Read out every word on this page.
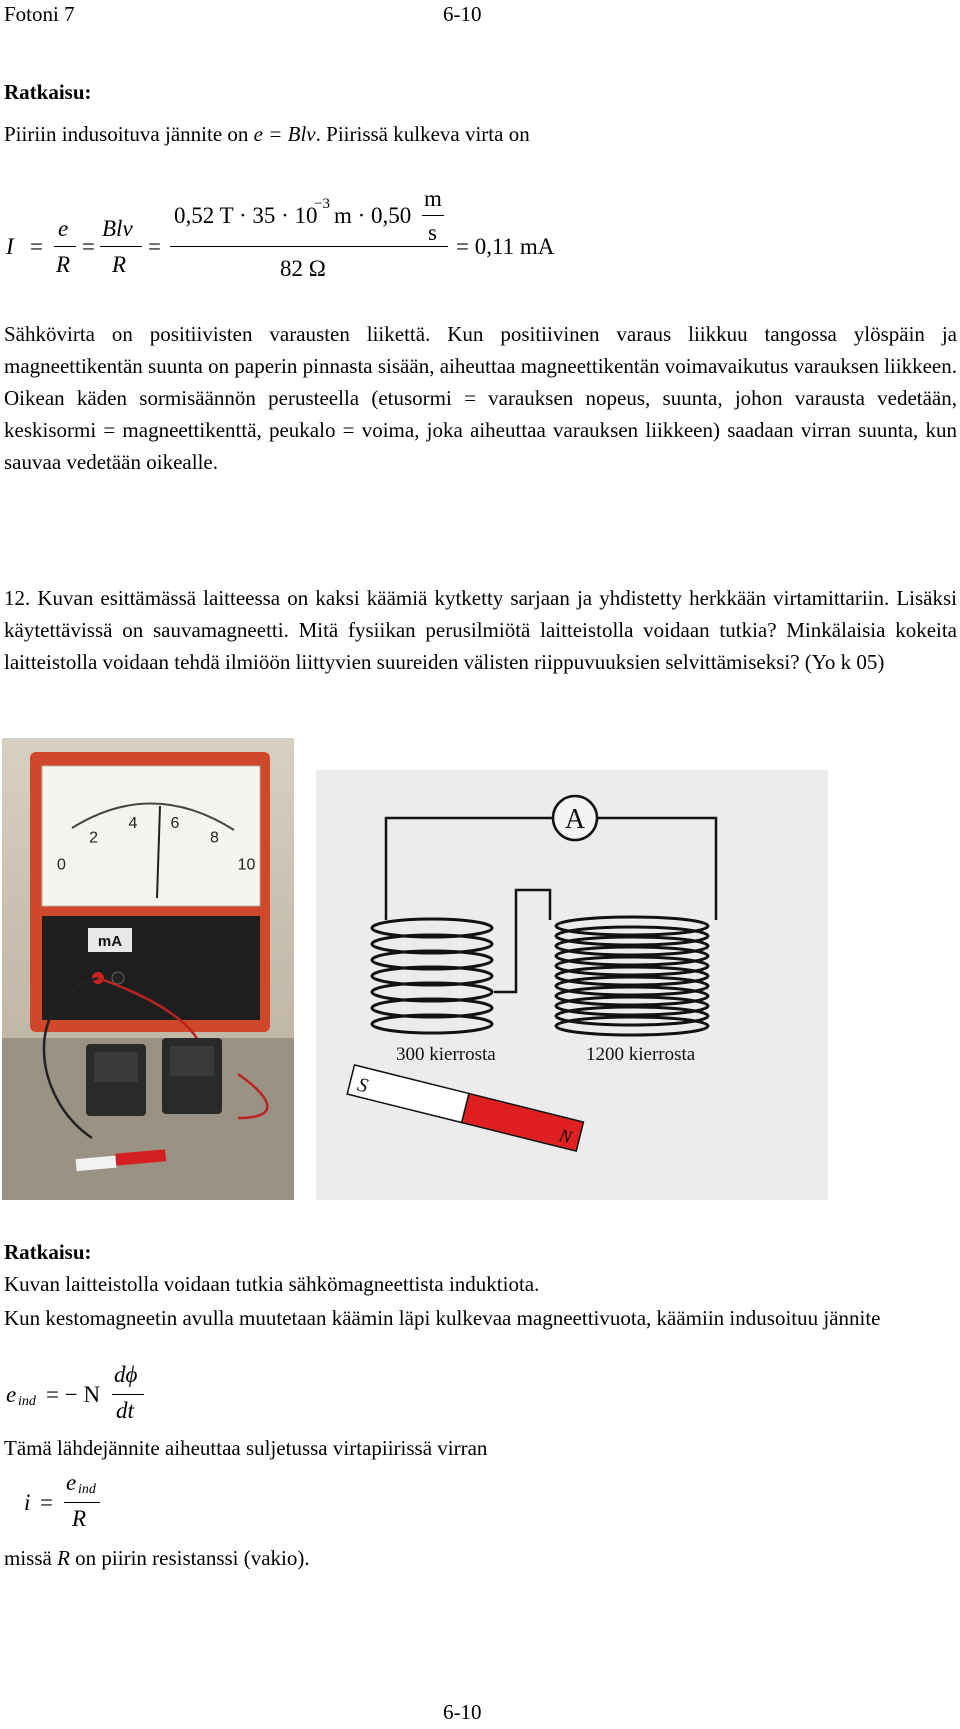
Fotoni 7	6-10
Ratkaisu:
Piiriin indusoituva jännite on e = Blv. Piirissä kulkeva virta on
I =
e
R
=
Blv
R
=
0,52 T · 35 · 10
−3 m · 0,50
m
s
82 Ω
= 0,11 mA
Sähkövirta on positiivisten varausten liikettä. Kun positiivinen varaus liikkuu tangossa ylöspäin ja magneettikentän suunta on paperin pinnasta sisään, aiheuttaa magneettikentän voimavaikutus varauksen liikkeen. Oikean käden sormisäännön perusteella (etusormi = varauksen nopeus, suunta, johon varausta vedetään, keskisormi = magneettikenttä, peukalo = voima, joka aiheuttaa varauksen liikkeen) saadaan virran suunta, kun sauvaa vedetään oikealle.
12. Kuvan esittämässä laitteessa on kaksi käämiä kytketty sarjaan ja yhdistetty herkkään virtamittariin. Lisäksi käytettävissä on sauvamagneetti. Mitä fysiikan perusilmiötä laitteistolla voidaan tutkia? Minkälaisia kokeita laitteistolla voidaan tehdä ilmiöön liittyvien suureiden välisten riippuvuuksien selvittämiseksi? (Yo k 05)
0
2
4 6
8
10
mA
A
300 kierrosta	1200 kierrosta
S
N
Ratkaisu:
Kuvan laitteistolla voidaan tutkia sähkömagneettista induktiota.
Kun kestomagneetin avulla muutetaan käämin läpi kulkevaa magneettivuota, käämiin indusoituu jännite
e ind = − N
dϕ
dt
Tämä lähdejännite aiheuttaa suljetussa virtapiirissä virran
i =
e ind
R
missä R on piirin resistanssi (vakio).
6-10
